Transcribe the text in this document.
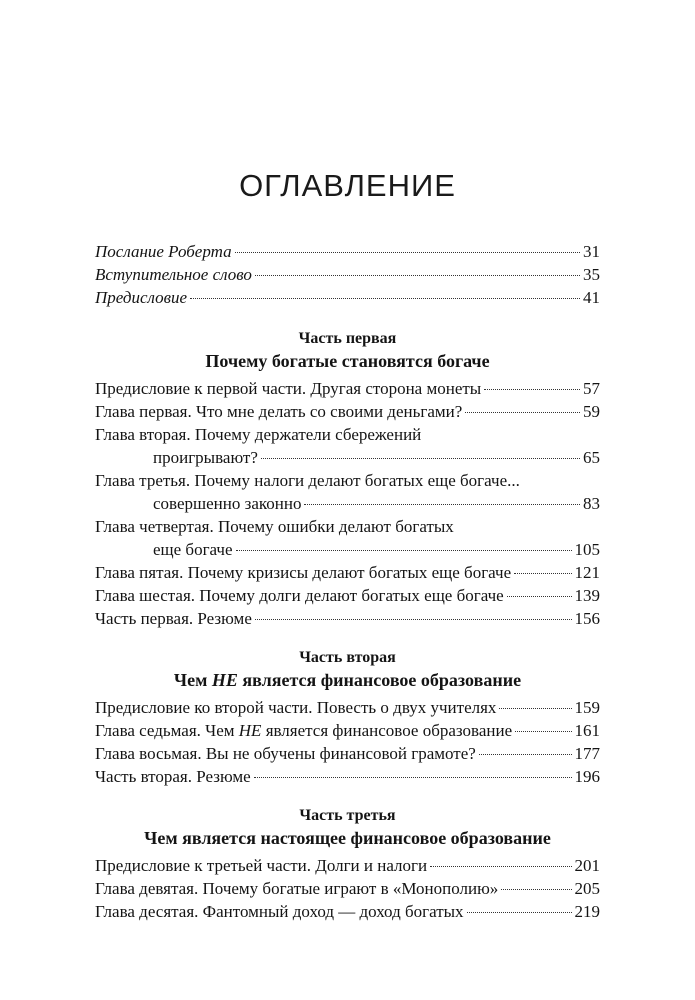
ОГЛАВЛЕНИЕ
Послание Роберта	31
Вступительное слово	35
Предисловие	41
Часть первая
Почему богатые становятся богаче
Предисловие к первой части. Другая сторона монеты	57
Глава первая. Что мне делать со своими деньгами?	59
Глава вторая. Почему держатели сбережений
проигрывают?	65
Глава третья. Почему налоги делают богатых еще богаче...
совершенно законно	83
Глава четвертая. Почему ошибки делают богатых
еще богаче	105
Глава пятая. Почему кризисы делают богатых еще богаче	121
Глава шестая. Почему долги делают богатых еще богаче	139
Часть первая. Резюме	156
Часть вторая
Чем НЕ является финансовое образование
Предисловие ко второй части. Повесть о двух учителях	159
Глава седьмая. Чем НЕ является финансовое образование	161
Глава восьмая. Вы не обучены финансовой грамоте?	177
Часть вторая. Резюме	196
Часть третья
Чем является настоящее финансовое образование
Предисловие к третьей части. Долги и налоги	201
Глава девятая. Почему богатые играют в «Монополию»	205
Глава десятая. Фантомный доход — доход богатых	219
